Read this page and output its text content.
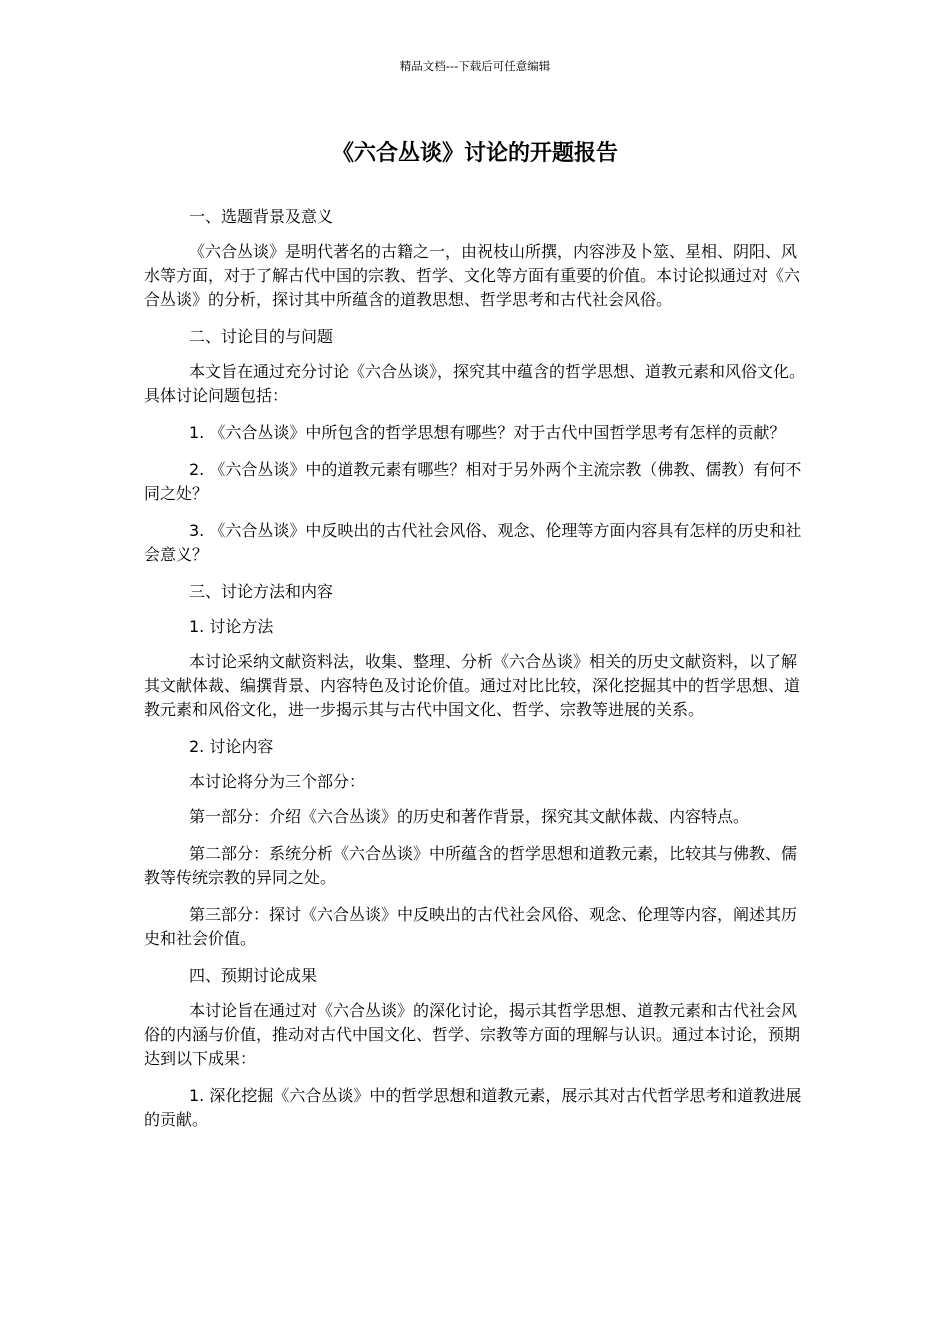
精品文档---下载后可任意编辑
《六合丛谈》讨论的开题报告

一、选题背景及意义

《六合丛谈》是明代著名的古籍之一，由祝枝山所撰，内容涉及卜筮、星相、阴阳、风水等方面，对于了解古代中国的宗教、哲学、文化等方面有重要的价值。本讨论拟通过对《六合丛谈》的分析，探讨其中所蕴含的道教思想、哲学思考和古代社会风俗。

二、讨论目的与问题

本文旨在通过充分讨论《六合丛谈》，探究其中蕴含的哲学思想、道教元素和风俗文化。具体讨论问题包括：

1. 《六合丛谈》中所包含的哲学思想有哪些？对于古代中国哲学思考有怎样的贡献？

2. 《六合丛谈》中的道教元素有哪些？相对于另外两个主流宗教（佛教、儒教）有何不同之处？

3. 《六合丛谈》中反映出的古代社会风俗、观念、伦理等方面内容具有怎样的历史和社会意义？

三、讨论方法和内容

1. 讨论方法

本讨论采纳文献资料法，收集、整理、分析《六合丛谈》相关的历史文献资料，以了解其文献体裁、编撰背景、内容特色及讨论价值。通过对比比较，深化挖掘其中的哲学思想、道教元素和风俗文化，进一步揭示其与古代中国文化、哲学、宗教等进展的关系。

2. 讨论内容

本讨论将分为三个部分：

第一部分：介绍《六合丛谈》的历史和著作背景，探究其文献体裁、内容特点。

第二部分：系统分析《六合丛谈》中所蕴含的哲学思想和道教元素，比较其与佛教、儒教等传统宗教的异同之处。

第三部分：探讨《六合丛谈》中反映出的古代社会风俗、观念、伦理等内容，阐述其历史和社会价值。

四、预期讨论成果

本讨论旨在通过对《六合丛谈》的深化讨论，揭示其哲学思想、道教元素和古代社会风俗的内涵与价值，推动对古代中国文化、哲学、宗教等方面的理解与认识。通过本讨论，预期达到以下成果：

1. 深化挖掘《六合丛谈》中的哲学思想和道教元素，展示其对古代哲学思考和道教进展的贡献。
